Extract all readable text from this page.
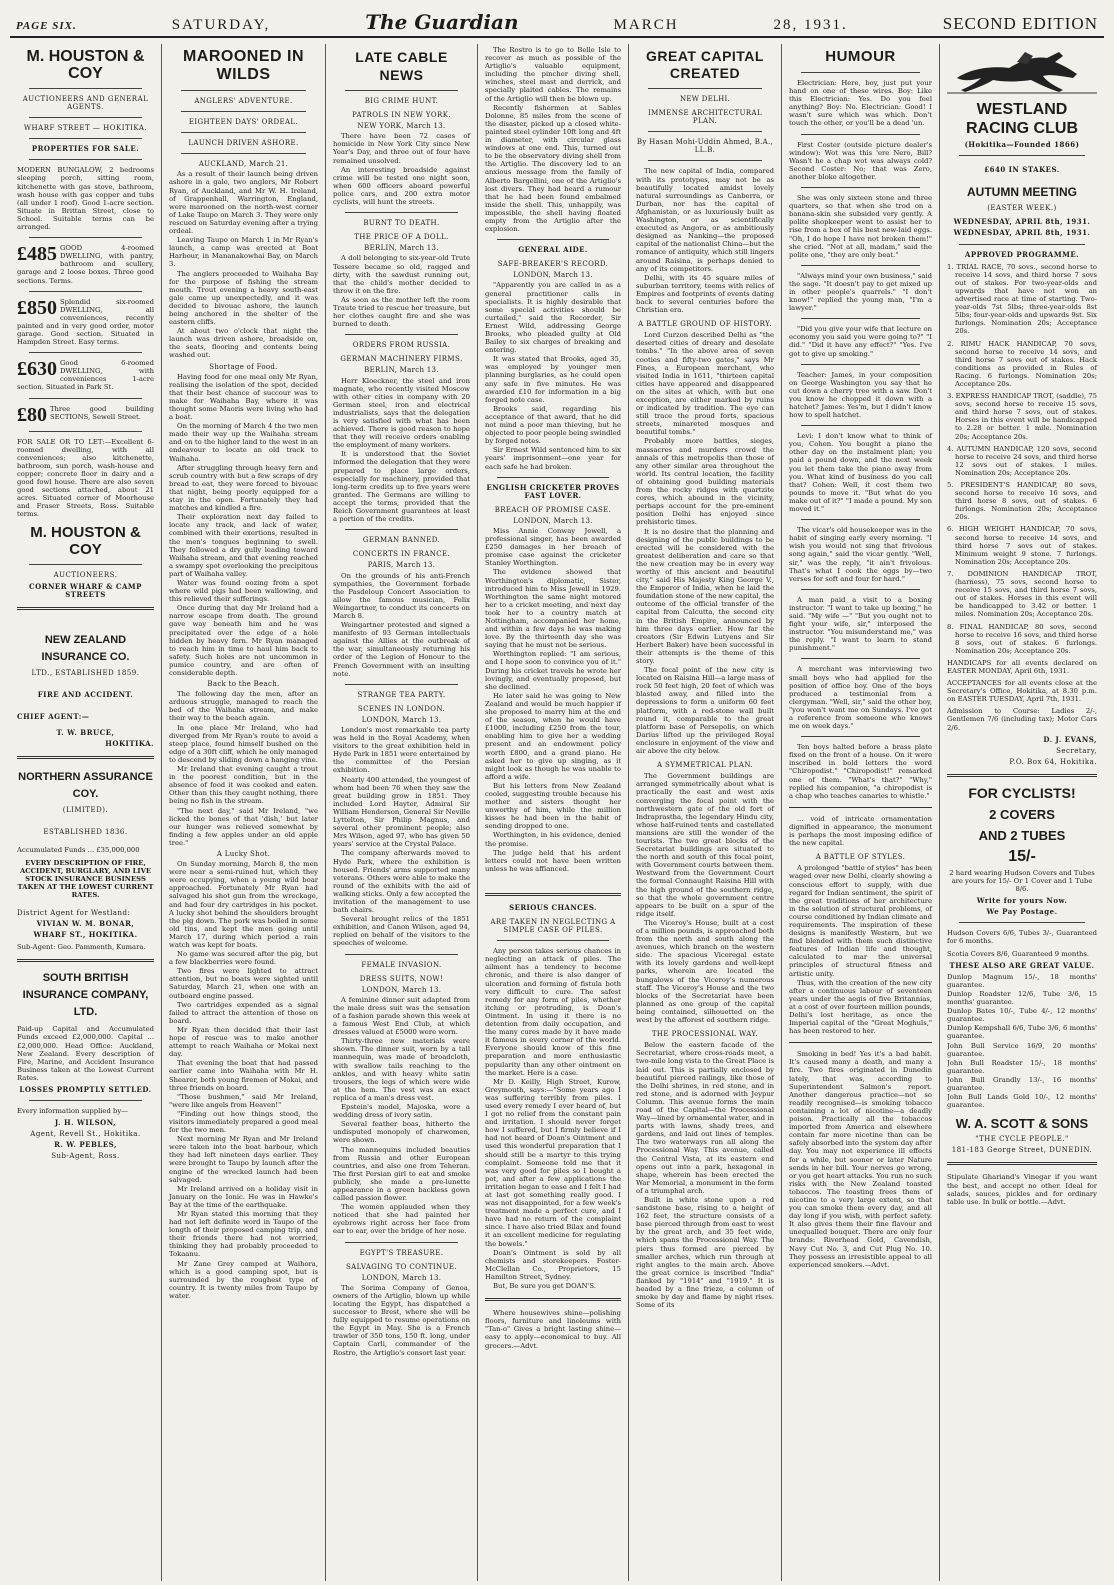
PAGE SIX.	SATURDAY,	The Guardian	MARCH	28, 1931.	SECOND EDITION
M. HOUSTON & COY
AUCTIONEERS AND GENERAL AGENTS.
WHARF STREET — HOKITIKA.
PROPERTIES FOR SALE.
MODERN BUNGALOW, 2 bedrooms sleeping porch, sitting room, kitchenette with gas stove, bathroom, wash house with gas copper and tubs (all under 1 roof). Good 1-acre section. Situate in Brittan Street, close to School. Suitable terms can be arranged.
£485 GOOD 4-roomed DWELLING, with pantry, bathroom and scullery, garage and 2 loose boxes. Three good sections. Terms.
£850 Splendid six-roomed DWELLING, all conveniences, recently painted and in very good order, motor garage. Good section. Situated in Hampden Street. Easy terms.
£630 Good 6-roomed DWELLING, with conveniences 1-acre section. Situated in Park St.
£80 Three good building SECTIONS, Sewell Street.
FOR SALE OR TO LET:—Excellent 6-roomed dwelling, with all conveniences; also kitchenette, bathroom, sun porch, wash-house and copper; concrete floor in dairy and a good fowl house. There are also seven good sections attached, about 21 acres. Situated corner of Moorhouse and Fraser Streets, Ross. Suitable terms.
M. HOUSTON & COY
AUCTIONEERS.
CORNER WHARF & CAMP STREETS
NEW ZEALAND INSURANCE CO.
LTD., ESTABLISHED 1859.
FIRE AND ACCIDENT.
CHIEF AGENT:—
T. W. BRUCE,
HOKITIKA.
NORTHERN ASSURANCE COY.
(LIMITED).
ESTABLISHED 1836.
Accumulated Funds ... £35,000,000
EVERY DESCRIPTION OF FIRE, ACCIDENT, BURGLARY, AND LIVE STOCK INSURANCE BUSINESS TAKEN AT THE LOWEST CURRENT RATES.
District Agent for Westland:
VIVIAN W. M. BONAR,
WHARF ST., HOKITIKA.
Sub-Agent: Geo. Pammenth, Kumara.
SOUTH BRITISH INSURANCE COMPANY, LTD.
Paid-up Capital and Accumulated Funds exceed £2,000,000. Capital ... £2,000,000. Head Office: Auckland, New Zealand. Every description of Fire, Marine, and Accident Insurance Business taken at the Lowest Current Rates.
LOSSES PROMPTLY SETTLED.
Every information supplied by—
J. H. WILSON,
Agent, Revell St., Hokitika.
R. W. PEBLES,
Sub-Agent, Ross.
MAROONED IN WILDS
ANGLERS' ADVENTURE.
EIGHTEEN DAYS' ORDEAL.
LAUNCH DRIVEN ASHORE.
AUCKLAND, March 21.

As a result of their launch being driven ashore in a gale, two anglers, Mr Robert Ryan, of Auckland, and Mr W. H. Ireland, of Grappenhall, Warrington, England, were marooned on the north-west corner of Lake Taupo on March 3. They were only rescued on Saturday evening after a trying ordeal.

Leaving Taupo on March 1 in Mr Ryan's launch, a camp was erected at Boat Harbour, in Mananakowhai Bay, on March 3.

The anglers proceeded to Waihaha Bay for the purpose of fishing the stream mouth. Trout evening a heavy south-east gale came up unexpectedly, and it was decided to bivouac ashore, the launch being anchored in the shelter of the eastern cliffs.

At about two o'clock that night the launch was driven ashore, broadside on, the seats, flooring and contents being washed out.

Shortage of Food.

Having food for one meal only Mr Ryan, realising the isolation of the spot, decided that their best chance of succour was to make for Waihaha Bay, where it was thought some Maoris were living who had a boat.

On the morning of March 4 the two men made their way up the Waihaha stream and on to the higher land to the west in an endeavour to locate an old track to Waihaha.

After struggling through heavy fern and scrub country with but a few scraps of dry bread to eat, they were forced to bivouac that night, being poorly equipped for a stay in the open. Fortunately they had matches and kindled a fire.

Their exploration next day failed to locate any track, and lack of water, combined with their exertions, resulted in the men's tongues beginning to swell. They followed a dry gully leading toward Waihaha stream, and that evening reached a swampy spot overlooking the precipitous part of Waihaha valley.

Water was found oozing from a spot where wild pigs had been wallowing, and this relieved their sufferings.

Once during that day Mr Ireland had a narrow escape from death. The ground gave way beneath him and he was precipitated over the edge of a hole hidden by heavy fern. Mr Ryan managed to reach him in time to haul him back to safety. Such holes are not uncommon in pumice country, and are often of considerable depth.

Back to the Beach.

The following day the men, after an arduous struggle, managed to reach the bed of the Waihaha stream, and make their way to the beach again.

In one place Mr Ireland, who had diverged from Mr Ryan's route to avoid a steep place, found himself bushed on the edge of a 30ft cliff, which he only managed to descend by sliding down a hanging vine.

Mr Ireland that evening caught a trout in the poorest condition, but in the absence of food it was cooked and eaten. Other than this they caught nothing, there being no fish in the stream.

"The next day," said Mr Ireland, "we licked the bones of that 'dish,' but later our hunger was relieved somewhat by finding a few apples under an old apple tree."

A Lucky Shot.

On Sunday morning, March 8, the men were near a semi-ruined hut, which they were occupying, when a young wild boar approached. Fortunately Mr Ryan had salvaged his shot gun from the wreckage, and had four dry cartridges in his pocket. A lucky shot behind the shoulders brought the pig down. The pork was boiled in some old tins, and kept the men going until March 17, during which period a rain watch was kept for boats.

No game was secured after the pig, but a few blackberries were found.

Two fires were lighted to attract attention, but no boats were sighted until Saturday, March 21, when one with an outboard engine passed.

Two cartridges expended as a signal failed to attract the attention of those on board.

Mr Ryan then decided that their last hope of rescue was to make another attempt to reach Waihaha or Mokai next day.

That evening the boat that had passed earlier came into Waihaha with Mr H. Shearer, both young firemen of Mokai, and three friends on board.

"Those bushmen," said Mr Ireland, "were like angels from Heaven!"

"Finding out how things stood, the visitors immediately prepared a good meal for the two men.

Next morning Mr Ryan and Mr Ireland were taken into the boat harbour, which they had left nineteen days earlier. They were brought to Taupo by launch after the engine of the wrecked launch had been salvaged.

Mr Ireland arrived on a holiday visit in January on the Ionic. He was in Hawke's Bay at the time of the earthquake.

Mr Ryan stated this morning that they had not left definite word in Taupo of the length of their proposed camping trip, and their friends there had not worried, thinking they had probably proceeded to Tokaanu.

Mr Zane Grey camped at Waihora, which is a good camping spot, but is surrounded by the roughest type of country. It is twenty miles from Taupo by water.

LATE CABLE NEWS
BIG CRIME HUNT.
PATROLS IN NEW YORK.
NEW YORK, March 13.

There have been 72 cases of homicide in New York City since New Year's Day, and three out of four have remained unsolved.

An interesting broadside against crime will be tested one night soon, when 600 officers aboard powerful police cars, and 200 extra motor cyclists, will hunt the streets.

BURNT TO DEATH.
THE PRICE OF A DOLL.
BERLIN, March 13.

A doll belonging to six-year-old Trute Tessere became so old, ragged and dirty, with the sawdust running out, that the child's mother decided to throw it on the fire.

As soon as the mother left the room Traute tried to rescue her treasure, but her clothes caught fire and she was burned to death.

ORDERS FROM RUSSIA.
GERMAN MACHINERY FIRMS.
BERLIN, March 13.

Herr Kloeckner, the steel and iron magnate, who recently visited Moscow with other cities in company with 20 German steel, iron and electrical industrialists, says that the delegation is very satisfied with what has been achieved. There is good reason to hope that they will receive orders enabling the employment of many workers.

It is understood that the Soviet informed the delegation that they were prepared to place large orders, especially for machinery, provided that long-term credits up to five years were granted. The Germans are willing to accept the terms, provided that the Reich Government guarantees at least a portion of the credits.

GERMAN BANNED.
CONCERTS IN FRANCE.
PARIS, March 13.

On the grounds of his anti-French sympathies, the Government forbade the Pasdeloup Concert Association to allow the famous musician, Felix Weingartner, to conduct its concerts on March 8.

Weingartner protested and signed a manifesto of 93 German intellectuals against the Allies at the outbreak of the war, simultaneously returning his order of the Legion of Honour to the French Government with an insulting note.

STRANGE TEA PARTY.
SCENES IN LONDON.
LONDON, March 13.

London's most remarkable tea party was held in the Royal Academy, when visitors to the great exhibition held in Hyde Park in 1851 were entertained by the committee of the Persian exhibition.

Nearly 400 attended, the youngest of whom had been 76 when they saw the great building grow in 1851. They included Lord Hayter, Admiral Sir William Henderson, General Sir Neville Lyttelton, Sir Philip Magnus, and several other prominent people; also Mrs Wilson, aged 97, who has given 50 years' service at the Crystal Palace.

The company afterwards moved to Hyde Park, where the exhibition is housed. Friends' arms supported many veterans. Others were able to make the round of the exhibits with the aid of walking sticks. Only a few accepted the invitation of the management to use bath chairs.

Several brought relics of the 1851 exhibition, and Canon Wilson, aged 94, replied on behalf of the visitors to the speeches of welcome.

FEMALE INVASION.
DRESS SUITS, NOW!
LONDON, March 13.

A feminine dinner suit adapted from the male dress suit was the sensation of a fashion parade shown this week at a famous West End Club, at which dresses valued at £5000 were worn.

Thirty-three new materials were shown. The dinner suit, worn by a tall mannequin, was made of broadcloth, with swallow tails reaching to the ankles, and with heavy white satin trousers, the legs of which were wide at the hem. The vest was an exact replica of a man's dress vest.

Epstein's model, Majoska, wore a wedding dress of ivory satin.

Several feather boas, hitherto the undisputed monopoly of charwomen, were shown.

The mannequins included beauties from Russia and other European countries, and also one from Teheran. The first Persian girl to eat and smoke publicly, she made a pre-lunette appearance in a green backless gown called passion flower.

The women applauded when they noticed that she had painted her eyebrows right across her face from ear to ear, over the bridge of her nose.

EGYPT'S TREASURE.
SALVAGING TO CONTINUE.
LONDON, March 13.

The Sorima Company of Genoa, owners of the Artiglio, blown up while locating the Egypt, has dispatched a successor to Brest, where she will be fully equipped to resume operations on the Egypt in May. She is a French trawler of 350 tons, 150 ft. long, under Captain Carli, commander of the Rostro, the Artiglio's consort last year.

The Rostro is to go to Belle Isle to recover as much as possible of the Artiglio's valuable equipment, including the pincher diving shell, winches, steel mast and derrick, and specially plaited cables. The remains of the Artiglio will then be blown up.

Recently fishermen at Sables Dolonne, 85 miles from the scene of the disaster, picked up a closed white-painted steel cylinder 10ft long and 4ft in diameter, with circular glass windows at one end. This, turned out to be the observatory diving shell from the Artiglio. The discovery led to an anxious message from the family of Alberto Bargellini, one of the Artiglio's lost divers. They had heard a rumour that he had been found embalmed inside the shell. This, unhappily, was impossible, the shell having floated empty from the Artiglio after the explosion.

GENERAL AIDE.
SAFE-BREAKER'S RECORD.
LONDON, March 13.

"Apparently you are called in as a general practitioner calls in specialists. It is highly desirable that some special activities should be curtailed," said the Recorder, Sir Ernest Wild, addressing George Brooks, who pleaded guilty at Old Bailey to six charges of breaking and entering.

It was stated that Brooks, aged 35, was employed by younger men planning burglaries, as he could open any safe in five minutes. He was awarded £10 for information in a big forged note case.

Brooks said, regarding his acceptance of that award, that he did not mind a poor man thieving, but he objected to poor people being swindled by forged notes.

Sir Ernest Wild sentenced him to six years' imprisonment—one year for each safe he had broken.

ENGLISH CRICKETER PROVES FAST LOVER.
BREACH OF PROMISE CASE.
LONDON, March 13.

Miss Annie Conway Jewell, a professional singer, has been awarded £250 damages in her breach of promise case against the cricketer Stanley Worthington.

The evidence showed that Worthington's diplomatic, Sister, introduced him to Miss Jewell in 1929. Worthington the same night motored her to a cricket meeting, and next day took her to a country match at Nottingham, accompanied her home, and within a few days he was making love. By the thirteenth day she was saying that he must not be serious.

Worthington replied: "I am serious, and I hope soon to convince you of it." During his cricket travels he wrote her lovingly, and eventually proposed, but she declined.

He later said he was going to New Zealand and would be much happier if she proposed to marry him at the end of the season, when he would have £1000, including £250 from the tour, enabling him to give her a wedding present and an endowment policy worth £800, and a grand piano. He asked her to give up singing, as it might look as though he was unable to afford a wife.

But his letters from New Zealand cooled, suggesting trouble because his mother and sisters thought her unworthy of him, while the million kisses he had been in the habit of sending dropped to one.

Worthington, in his evidence, denied the promise.

The judge held that his ardent letters could not have been written unless he was affianced.

SERIOUS CHANCES.
ARE TAKEN IN NEGLECTING A SIMPLE CASE OF PILES.

Any person takes serious chances in neglecting an attack of piles. The ailment has a tendency to become chronic, and there is also danger of ulceration and forming of fistula both very difficult to cure. The safest remedy for any form of piles, whether itching or protruding, is Doan's Ointment. In using it there is no detention from daily occupation, and the many cures made by it have made it famous in every corner of the world. Everyone should know of this fine preparation and more enthusiastic popularity than any other ointment on the market. Here is a case.

Mr D. Keilly, High Street, Kurow, Greymouth, says:—"Some years ago I was suffering terribly from piles. I used every remedy I ever heard of, but I got no relief from the constant pain and irritation. I should never forget how I suffered, but I firmly believe if I had not heard of Doan's Ointment and used this wonderful preparation that I should still be a martyr to this trying complaint. Someone told me that it was very good for piles so I bought a pot, and after a few applications the irritation began to ease and I felt I had at last got something really good. I was not disappointed, for a few week's treatment made a perfect cure, and I have had no return of the complaint since. I have also tried Bilax and found it an excellent medicine for regulating the bowels."

Doan's Ointment is sold by all chemists and storekeepers. Foster-McClellan Co., Proprietors, 15 Hamilton Street, Sydney.

But, Be sure you get DOAN'S.

Where housewives shine—polishing floors, furniture and linoleums with "Tan-o" Gives a bright lasting shine—easy to apply—economical to buy. All grocers.—Advt.

GREAT CAPITAL CREATED
NEW DELHI.
IMMENSE ARCHITECTURAL PLAN.
By Hasan Mohi-Uddin Ahmed, B.A., LL.B.

The new capital of India, compared with its prototypes, may not be as beautifully located amidst lovely natural surroundings as Canberra, or Durban, nor has the capital of Afghanistan, or as luxuriously built as Washington, or as scientifically executed as Angora, or as ambitiously designed as Nanking—the proposed capital of the nationalist China—but the romance of antiquity, which still lingers around Raisina, is perhaps denied to any of its competitors.

Delhi, with its 45 square miles of suburban territory, teems with relics of Empires and footprints of events dating back to several centuries before the Christian era.

A BATTLE GROUND OF HISTORY.

Lord Curzon described Delhi as "the deserted cities of dreary and desolate tombs." "In the above area of seven cooties and fifty-two gates," says Mr Fines, a European merchant, who visited India in 1611, "thirteen capital cities have appeared and disappeared on the sites at which, with but one exception, are either marked by ruins or indicated by tradition. The eye can still trace the proud forts, spacious streets, minareted mosques and beautiful tombs."

Probably more battles, sieges, massacres and murders crowd the annals of this metropolis than those of any other similar area throughout the world. Its central location, the facility of obtaining good building materials from the rocky ridges with quartzite cores, which abound in the vicinity, perhaps account for the pre-eminent position Delhi has enjoyed since prehistoric times.

It is no desire that the planning and designing of the public buildings to be erected will be considered with the greatest deliberation and care so that the new creation may be in every way worthy of this ancient and beautiful city," said His Majesty King George V., the Emperor of India, when he laid the foundation stone of the new capital, the outcome of the official transfer of the capital from Calcutta, the second city in the British Empire, announced by him three days earlier. How far the creators (Sir Edwin Lutyens and Sir Herbert Baker) have been successful in their attempts is the theme of this story.

The focal point of the new city is located on Raisina Hill—a large mass of rock 50 feet high, 20 feet of which was blasted away, and filled into the depressions to form a uniform 60 feet platform, with a red-stone wall built round it, comparable to the great platform base of Persepolis, on which Darius lifted up the privileged Royal enclosure in enjoyment of the view and air above the city below.

A SYMMETRICAL PLAN.

The Government buildings are arranged symmetrically about what is practically the east and west axis converging the focal point with the northwestern gate of the old fort of Indraprastha, the legendary Hindu city, whose half-ruined tents and castellated mansions are still the wonder of the tourists. The two great blocks of the Secretariat buildings are situated to the north and south of this focal point, with Government courts between them. Westward from the Government Court the formal Connaught Raisina Hill with the high ground of the southern ridge, so that the whole government centre appears to be built on a spur of the ridge itself.

The Viceroy's House, built at a cost of a million pounds, is approached both from the north and south along the avenues, which branch on the western side. The spacious Viceregal estate with its lovely gardens and well-kept parks, wherein are located the bungalows of the Viceroy's numerous staff. The Viceroy's House and the two blocks of the Secretariat have been planned as one group of the capital being contained, silhouetted on the west by the afforest ed southern ridge.

THE PROCESSIONAL WAY.

Below the eastern facade of the Secretariat, where cross-roads meet, a two-mile long vista to the Great Place is laid out. This is partially enclosed by beautiful pierced railings, like those of the Delhi shrines, in red stone, and in red stone, and is adorned with Jeypur Column. This avenue forms the main road of the Capital—the Processional Way—lined by ornamental water, and in parts with lawns, shady trees, and gardens, and laid out lines of temples. The two waterways run all along the Processional Way. This avenue, called the Central Vista, at its eastern end opens out into a park, hexagonal in shape, wherein has been erected the War Memorial, a monument in the form of a triumphal arch.

Built in white stone upon a red sandstone base, rising to a height of 162 feet, the structure consists of a base pierced through from east to west by the great arch, and 35 feet wide, which spans the Processional Way. The piers thus formed are pierced by smaller arches, which run through at right angles to the main arch. Above the great cornice is inscribed "India" flanked by "1914" and "1919." It is headed by a fine frieze, a column of smoke by day and flame by night rises. Some of its

HUMOUR

Electrician: Here, boy, just put your hand on one of these wires. Boy: Like this Electrician: Yes. Do you feel anything? Boy: No. Electrician: Good! I wasn't sure which was which. Don't touch the other, or you'll be a dead 'un.

First Coster (outside picture dealer's window): Wot was this 'ere Nero, Bill? Wasn't he a chap wot was always cold? Second Coster: No; that was Zero, another bloke altogether.

She was only sixteen stone and three quarters, so that when she trod on a banana-skin she subsided very gently. A polite shopkeeper went to assist her to rise from a box of his best new-laid eggs. "Oh, I do hope I have not broken them!" she cried. "Not at all, madam," said the polite one, "they are only beat."

"Always mind your own business," said the sage. "It doesn't pay to get mixed up in other people's quarrels." "I don't know!" replied the young man, "I'm a lawyer."

"Did you give your wife that lecture on economy you said you were going to?" "I did." "Did it have any effect?" "Yes. I've got to give up smoking."

Teacher: James, in your composition on George Washington you say that he cut down a cherry tree with a saw. Don't you know he chopped it down with a hatchet? James: Yes'm, but I didn't know how to spell hatchet.

Levi: I don't know what to think of you, Cohen. You bought a piano the other day on the instalment plan; you paid a pound down, and the next week you let them take the piano away from you. What kind of business do you call that? Cohen: Well, it cost them two pounds to move it. "But what do you make out of it?" "I made a pound. My son moved it."

The vicar's old housekeeper was in the habit of singing early every morning. "I wish you would not sing that frivolous song again," said the vicar gently. "Well, sir," was the reply, "it ain't frivolous. That's what I cook the eggs by—two verses for soft and four for hard."

A man paid a visit to a boxing instructor. "I want to take up boxing," he said. "My wife —" "But you ought not to fight your wife, sir," interposed the instructor. "You misunderstand me," was the reply. "I want to learn to stand punishment."

A merchant was interviewing two small boys who had applied for the position of office boy. One of the boys produced a testimonial from a clergyman. "Well, sir," said the other boy, "you won't want me on Sundays. I've got a reference from someone who knows me on week days."

Ten boys halted before a brass plate fixed on the front of a house. On it were inscribed in bold letters the word "Chiropodist." "Chiropodist!" remarked one of them. "What's that?" "Why," replied his companion, "a chiropodist is a chap who teaches canaries to whistle."

... void of intricate ornamentation dignified in appearance, the monument is perhaps the most imposing edifice of the new capital.

A BATTLE OF STYLES.

A prolonged "battle of styles" has been waged over new Delhi, clearly showing a conscious effort to supply, with due regard for Indian sentiment, the spirit of the great traditions of her architecture in the solution of structural problems, of course conditioned by Indian climate and requirements. The inspiration of these designs is manifestly Western, but we find blended with them such distinctive features of Indian life and thought, calculated to mar the universal principles of structural fitness and artistic unity.

Thus, with the creation of the new city after a continuous labour of seventeen years under the aegis of five Britannias, at a cost of over fourteen million pounds, Delhi's lost heritage, as once the Imperial capital of the "Great Moghuls," has been restored to her.

Smoking in bed! Yes it's a bad habit. It's caused many a death, and many a fire. Two fires originated in Dunedin lately, that was, according to Superintendent Salmon's report. Another dangerous practice—not so readily recognised—is smoking tobacco containing a lot of nicotine—a deadly poison. Practically all the tobaccos imported from America and elsewhere contain far more nicotine than can be safely absorbed into the system day after day. You may not experience ill effects for a while, but sooner or later Nature sends in her bill. Your nerves go wrong, or you get heart attacks. You run no such risks with the New Zealand toasted tobaccos. The toasting frees them of nicotine to a very large extent, so that you can smoke them every day, and all day long if you wish, with perfect safety. It also gives them their fine flavour and unequalled bouquet. There are only four brands: Riverhead Gold, Cavendish, Navy Cut No. 3, and Cut Plug No. 10. They possess an irresistible appeal to all experienced smokers.—Advt.

WESTLAND RACING CLUB
(Hokitika—Founded 1866)
£640 IN STAKES.
AUTUMN MEETING
(EASTER WEEK.)
WEDNESDAY, APRIL 8th, 1931.
WEDNESDAY, APRIL 8th, 1931.
APPROVED PROGRAMME.
1. TRIAL RACE, 70 sovs., second horse to receive 14 sovs, and third horse 7 sovs out of stakes. For two-year-olds and upwards that have not won an advertised race at time of starting. Two-year-olds 7st 5lbs; three-year-olds 8st 5lbs; four-year-olds and upwards 9st. Six furlongs. Nomination 20s; Acceptance 20s.
2. RIMU HACK HANDICAP, 70 sovs, second horse to receive 14 sovs, and third horse 7 sovs out of stakes. Hack conditions as provided in Rules of Racing. 6 furlongs. Nomination 20s; Acceptance 20s.
3. EXPRESS HANDICAP TROT, (saddle), 75 sovs, second horse to receive 15 sovs, and third horse 7 sovs, out of stakes. Horses in this event will be handicapped to 2.28 or better. 1 mile. Nomination 20s; Acceptance 20s.
4. AUTUMN HANDICAP, 120 sovs, second horse to receive 24 sovs, and third horse 12 sovs out of stakes. 1 miles. Nomination 20s; Acceptance 20s.
5. PRESIDENT'S HANDICAP, 80 sovs, second horse to receive 16 sovs, and third horse 8 sovs, out of stakes. 6 furlongs. Nomination 20s; Acceptance 20s.
6. HIGH WEIGHT HANDICAP, 70 sovs, second horse to receive 14 sovs, and third horse 7 sovs out of stakes. Minimum weight 9 stone. 7 furlongs. Nomination 20s; Acceptance 20s.
7. DOMINION HANDICAP TROT, (harness), 75 sovs, second horse to receive 15 sovs, and third horse 7 sovs, out of stakes. Horses in this event will be handicapped to 3.42 or better. 1 miles. Nomination 20s; Acceptance 20s.
8. FINAL HANDICAP, 80 sovs, second horse to receive 16 sovs, and third horse 8 sovs, out of stakes. 6 furlongs. Nomination 20s; Acceptance 20s.
HANDICAPS for all events declared on EASTER MONDAY, April 6th, 1931.
ACCEPTANCES for all events close at the Secretary's Office, Hokitika, at 8.30 p.m. on EASTER TUESDAY, April 7th, 1931.
Admission to Course: Ladies 2/-, Gentlemen 7/6 (including tax); Motor Cars 2/6.
D. J. EVANS,
Secretary,
P.O. Box 64, Hokitika.
FOR CYCLISTS!
2 COVERS
AND 2 TUBES
15/-
2 hard wearing Hudson Covers and Tubes are yours for 15/- Or 1 Cover and 1 Tube 8/6.
Write for yours Now.
We Pay Postage.
Hudson Covers 6/6, Tubes 3/-, Guaranteed for 6 months.
Scotia Covers 8/6, Guaranteed 9 months.
THESE ALSO ARE GREAT VALUE.
Dunlop Magnum 15/-, 18 months' guarantee.
Dunlop Roadster 12/6, Tube 3/6, 15 months' guarantee.
Dunlop Bates 10/-, Tube 4/-, 12 months' guarantee.
Dunlop Kempshall 6/6, Tube 3/6, 6 months' guarantee.
John Bull Service 16/9, 20 months' guarantee.
John Bull Roadster 15/-, 18 months' guarantee.
John Bull Grandly 13/-, 16 months' guarantee.
John Bull Lands Gold 10/-, 12 months' guarantee.
W. A. SCOTT & SONS
"THE CYCLE PEOPLE."
181-183 George Street, DUNEDIN.
Stipulate Ghariand's Vinegar if you want the best, and accept no other. Ideal for salads, sauces, pickles and for ordinary table use. In bulk or bottle.—Advt.
